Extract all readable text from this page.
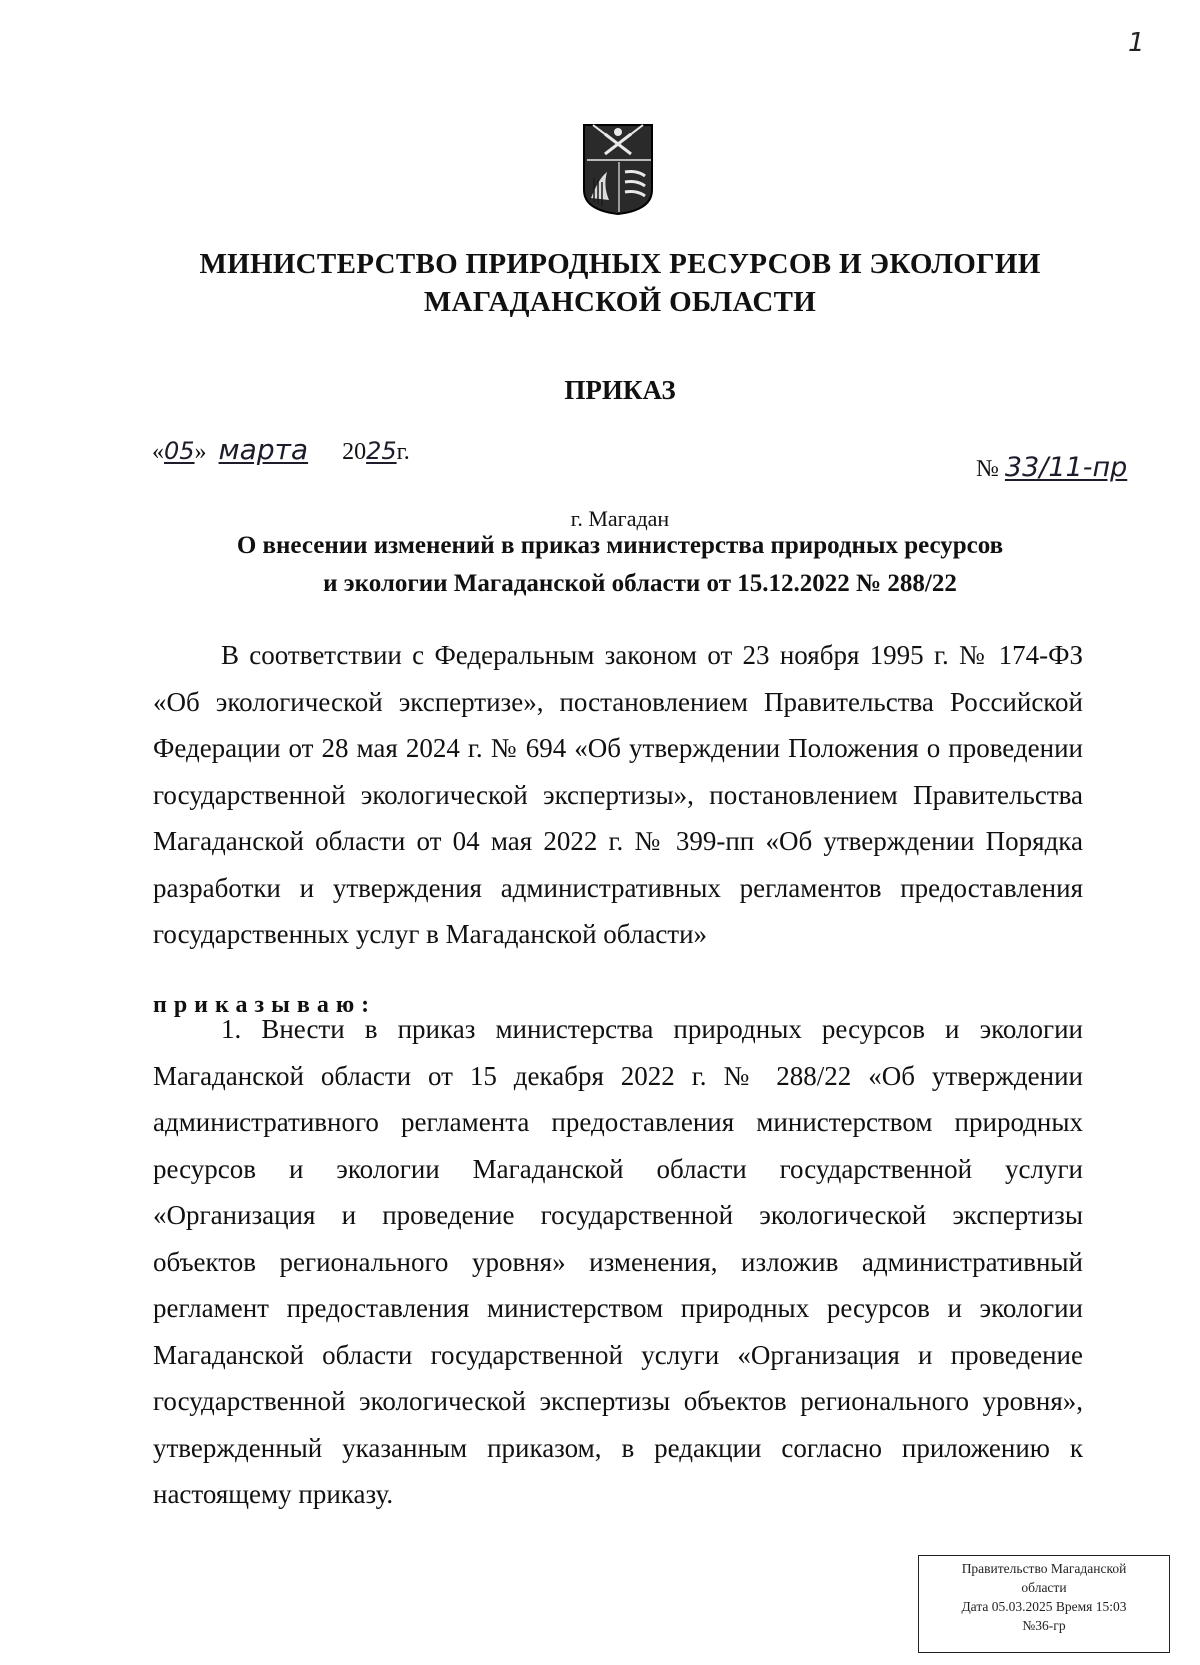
1
МИНИСТЕРСТВО ПРИРОДНЫХ РЕСУРСОВ И ЭКОЛОГИИ
МАГАДАНСКОЙ ОБЛАСТИ
ПРИКАЗ
«05» марта 2025г.
№ 33/11-пр
г. Магадан
О внесении изменений в приказ министерства природных ресурсов
и экологии Магаданской области от 15.12.2022 № 288/22
В соответствии с Федеральным законом от 23 ноября 1995 г. № 174-ФЗ «Об экологической экспертизе», постановлением Правительства Российской Федерации от 28 мая 2024 г. № 694 «Об утверждении Положения о проведении государственной экологической экспертизы», постановлением Правительства Магаданской области от 04 мая 2022 г. № 399-пп «Об утверждении Порядка разработки и утверждения административных регламентов предоставления государственных услуг в Магаданской области»
приказываю:
1. Внести в приказ министерства природных ресурсов и экологии Магаданской области от 15 декабря 2022 г. № 288/22 «Об утверждении административного регламента предоставления министерством природных ресурсов и экологии Магаданской области государственной услуги «Организация и проведение государственной экологической экспертизы объектов регионального уровня» изменения, изложив административный регламент предоставления министерством природных ресурсов и экологии Магаданской области государственной услуги «Организация и проведение государственной экологической экспертизы объектов регионального уровня», утвержденный указанным приказом, в редакции согласно приложению к настоящему приказу.
Правительство Магаданской
области
Дата 05.03.2025 Время 15:03
№36-гр
